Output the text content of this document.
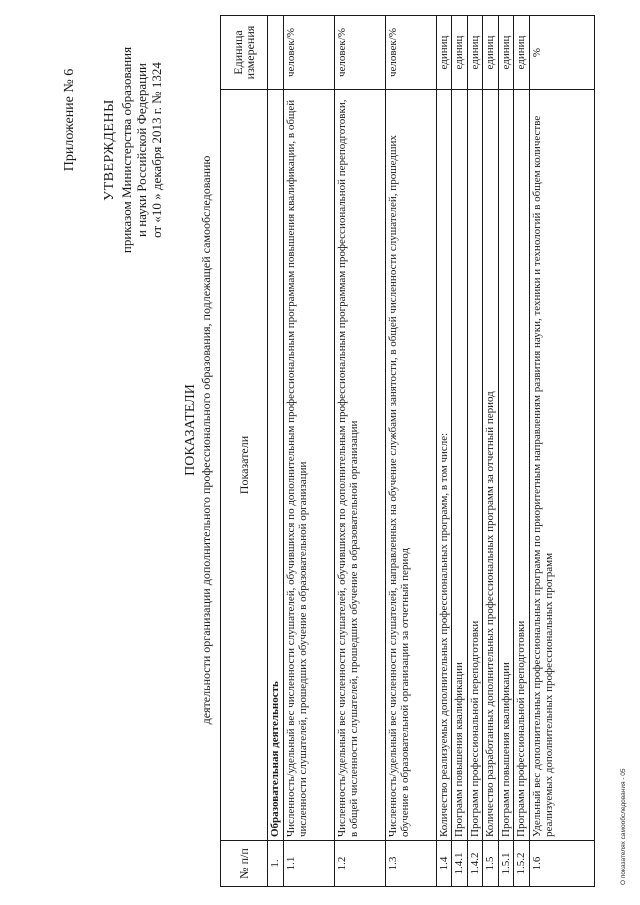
Приложение № 6 УТВЕРЖДЕНЫ приказом Министерства образования и науки Российской Федерации от «10 » декабря 2013 г. № 1324
ПОКАЗАТЕЛИ деятельности организации дополнительного профессионального образования, подлежащей самообследованию
№ п/п	Показатели	Единица измерения
1.	Образовательная деятельность	
1.1	Численность/удельный вес численности слушателей, обучившихся по дополнительным профессиональным программам повышения квалификации, в общей численности слушателей, прошедших обучение в образовательной организации	человек/%
1.2	Численность/удельный вес численности слушателей, обучившихся по дополнительным профессиональным программам профессиональной переподготовки, в общей численности слушателей, прошедших обучение в образовательной организации	человек/%
1.3	Численность/удельный вес численности слушателей, направленных на обучение службами занятости, в общей численности слушателей, прошедших обучение в образовательной организации за отчетный период	человек/%
1.4	Количество реализуемых дополнительных профессиональных программ, в том числе:	единиц
1.4.1	Программ повышения квалификации	единиц
1.4.2	Программ профессиональной переподготовки	единиц
1.5	Количество разработанных дополнительных профессиональных программ за отчетный период	единиц
1.5.1	Программ повышения квалификации	единиц
1.5.2	Программ профессиональной переподготовки	единиц
1.6	Удельный вес дополнительных профессиональных программ по приоритетным направлениям развития науки, техники и технологий в общем количестве реализуемых дополнительных профессиональных программ	%
О показателях самообследования - 05
